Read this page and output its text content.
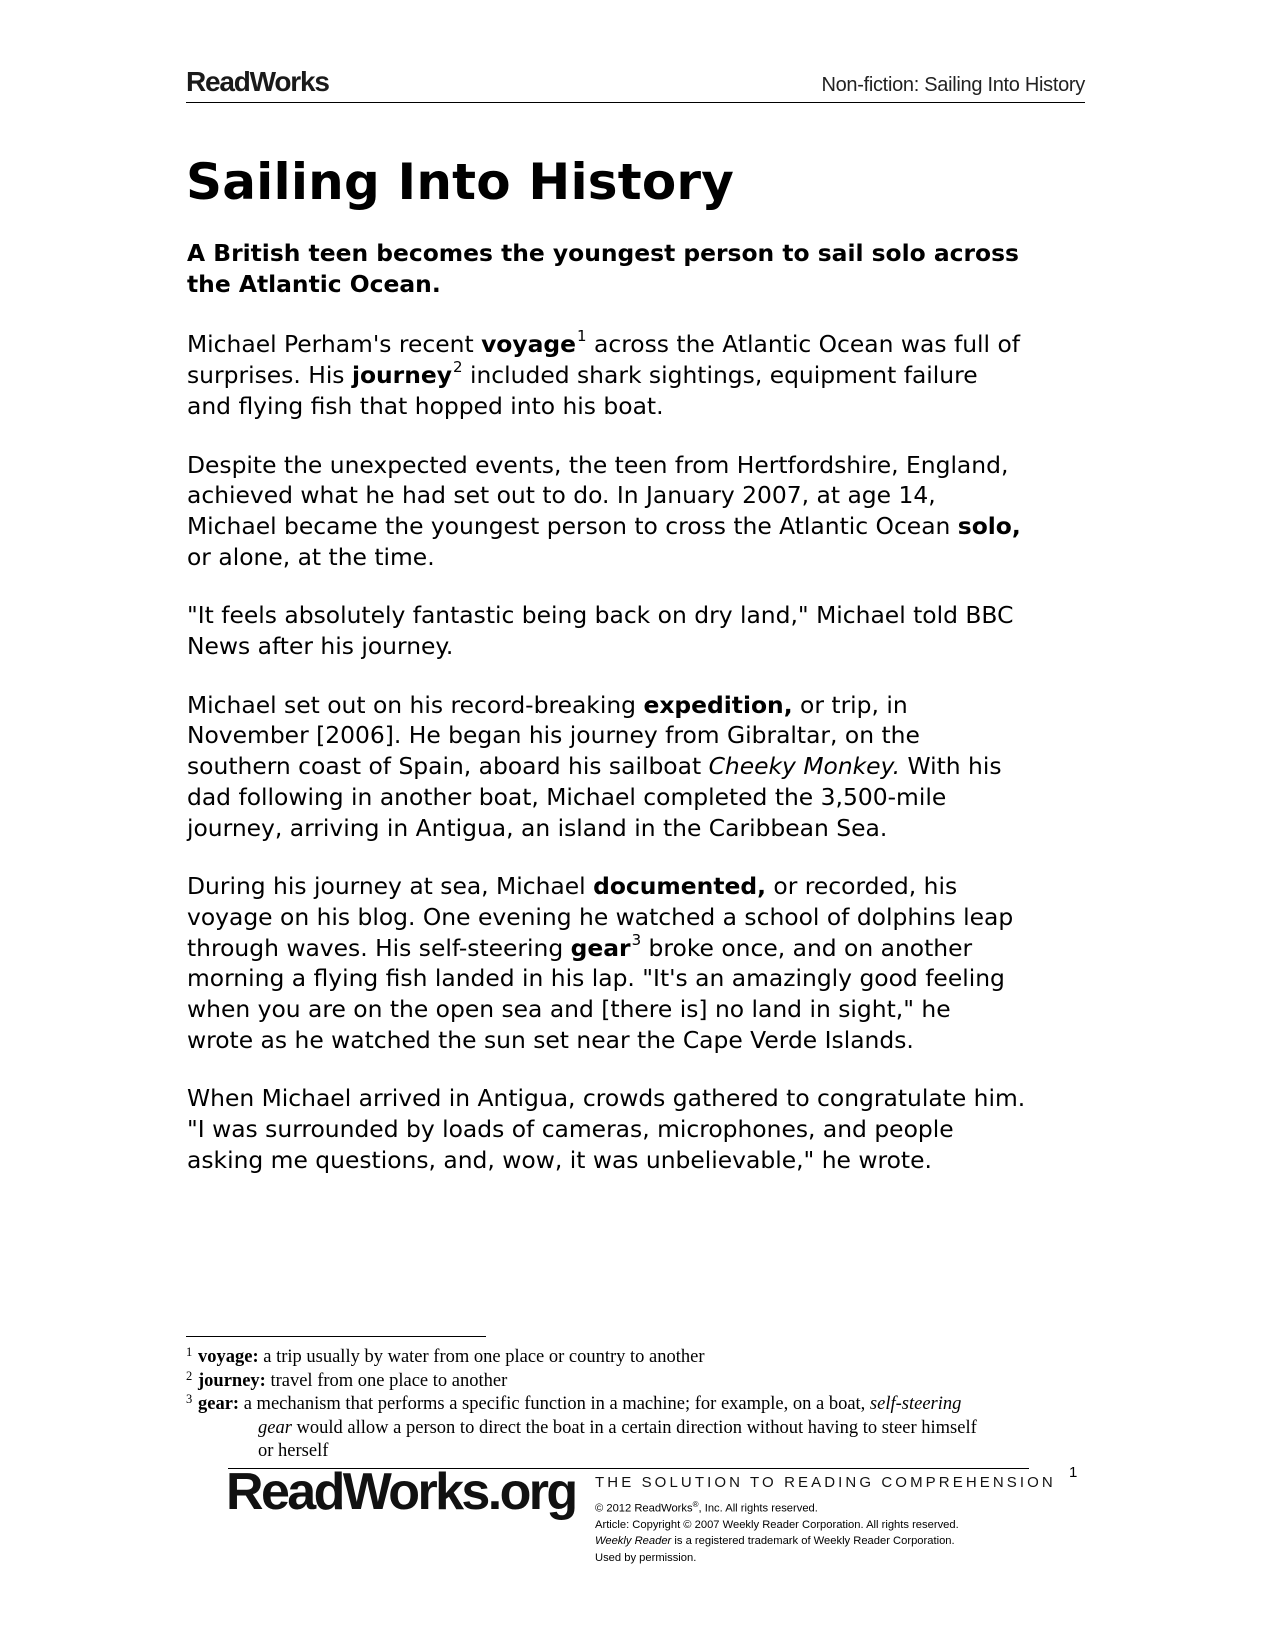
ReadWorks	Non-fiction: Sailing Into History
Sailing Into History

A British teen becomes the youngest person to sail solo across
the Atlantic Ocean.

Michael Perham's recent voyage$^1$ across the Atlantic Ocean was full of
surprises. His journey$^2$ included shark sightings, equipment failure
and flying fish that hopped into his boat.

Despite the unexpected events, the teen from Hertfordshire, England,
achieved what he had set out to do. In January 2007, at age 14,
Michael became the youngest person to cross the Atlantic Ocean solo,
or alone, at the time.

"It feels absolutely fantastic being back on dry land," Michael told BBC
News after his journey.

Michael set out on his record-breaking expedition, or trip, in
November [2006]. He began his journey from Gibraltar, on the
southern coast of Spain, aboard his sailboat Cheeky Monkey. With his
dad following in another boat, Michael completed the 3,500-mile
journey, arriving in Antigua, an island in the Caribbean Sea.

During his journey at sea, Michael documented, or recorded, his
voyage on his blog. One evening he watched a school of dolphins leap
through waves. His self-steering gear$^3$ broke once, and on another
morning a flying fish landed in his lap. "It's an amazingly good feeling
when you are on the open sea and [there is] no land in sight," he
wrote as he watched the sun set near the Cape Verde Islands.

When Michael arrived in Antigua, crowds gathered to congratulate him.
"I was surrounded by loads of cameras, microphones, and people
asking me questions, and, wow, it was unbelievable," he wrote.

1 voyage: a trip usually by water from one place or country to another
2 journey: travel from one place to another
3 gear: a mechanism that performs a specific function in a machine; for example, on a boat, self-steering
gear would allow a person to direct the boat in a certain direction without having to steer himself
or herself
ReadWorks.org THE SOLUTION TO READING COMPREHENSION
© 2012 ReadWorks®, Inc. All rights reserved.
Article: Copyright © 2007 Weekly Reader Corporation. All rights reserved.
Weekly Reader is a registered trademark of Weekly Reader Corporation.
Used by permission.
1
